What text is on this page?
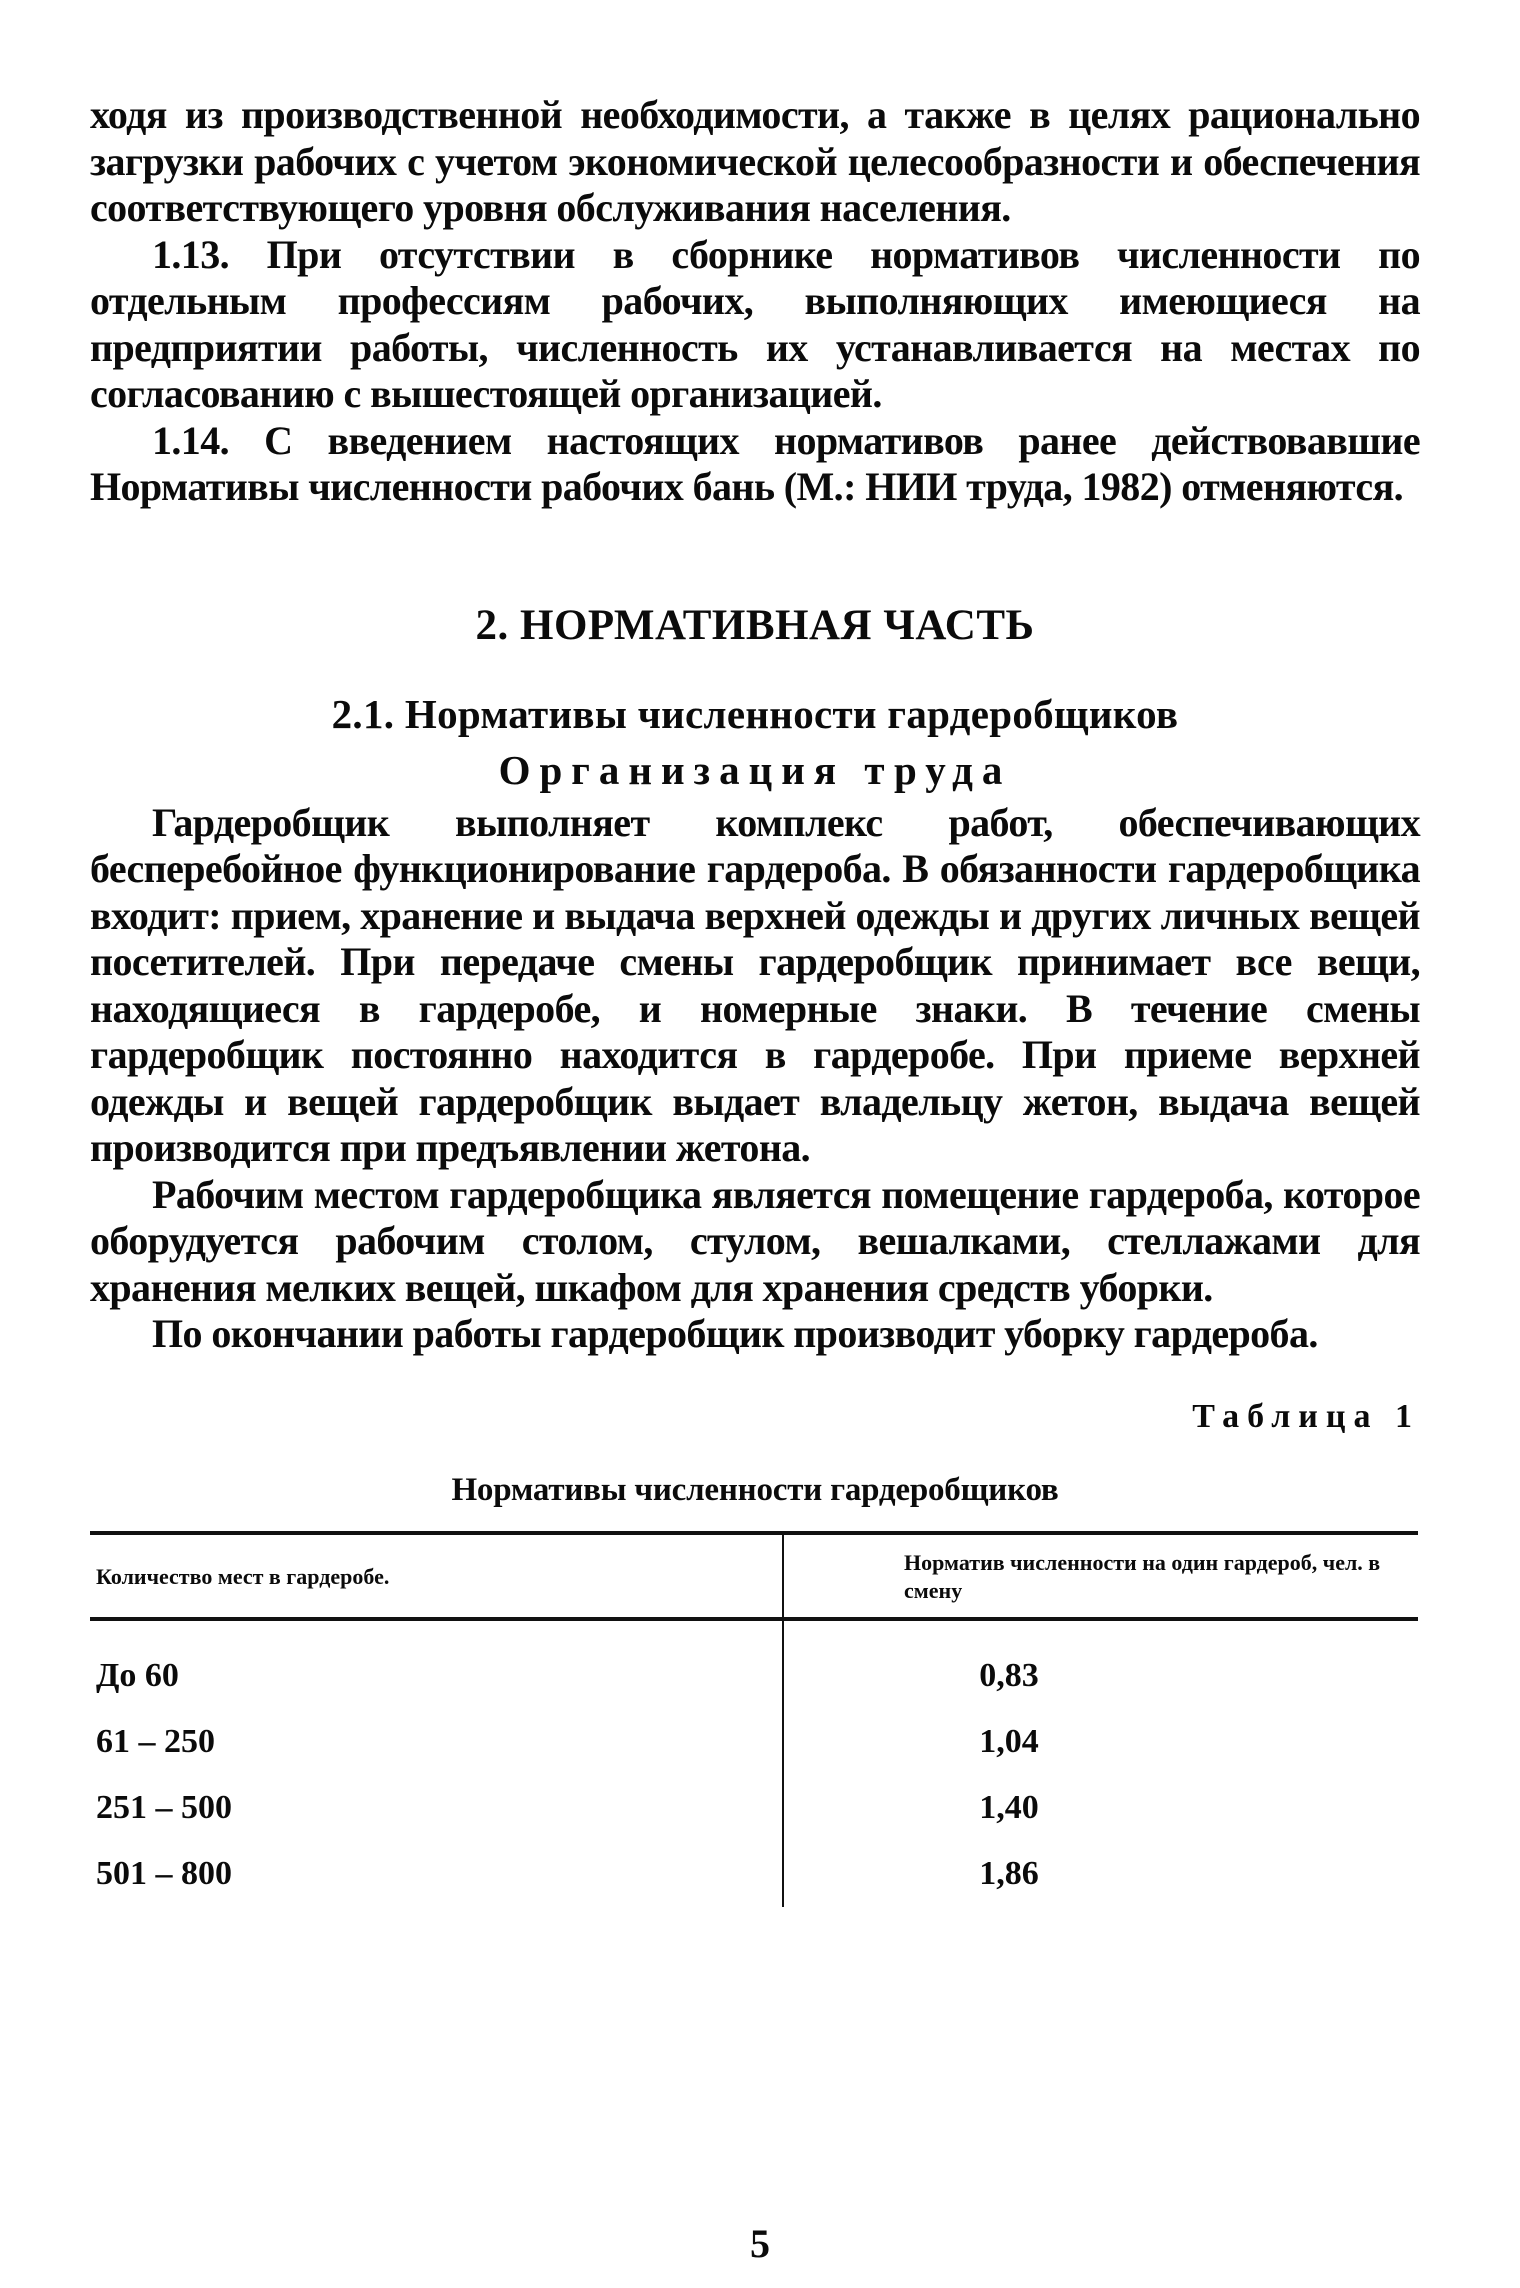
ходя из производственной необходимости, а также в целях рационально загрузки рабочих с учетом экономической целесообразности и обеспечения соответствующего уровня обслуживания населения.

1.13. При отсутствии в сборнике нормативов численности по отдельным профессиям рабочих, выполняющих имеющиеся на предприятии работы, численность их устанавливается на местах по согласованию с вышестоящей организацией.

1.14. С введением настоящих нормативов ранее действовавшие Нормативы численности рабочих бань (М.: НИИ труда, 1982) отменяются.

2. НОРМАТИВНАЯ ЧАСТЬ
2.1. Нормативы численности гардеробщиков
Организация труда

Гардеробщик выполняет комплекс работ, обеспечивающих бесперебойное функционирование гардероба. В обязанности гардеробщика входит: прием, хранение и выдача верхней одежды и других личных вещей посетителей. При передаче смены гардеробщик принимает все вещи, находящиеся в гардеробе, и номерные знаки. В течение смены гардеробщик постоянно находится в гардеробе. При приеме верхней одежды и вещей гардеробщик выдает владельцу жетон, выдача вещей производится при предъявлении жетона.

Рабочим местом гардеробщика является помещение гардероба, которое оборудуется рабочим столом, стулом, вешалками, стеллажами для хранения мелких вещей, шкафом для хранения средств уборки.

По окончании работы гардеробщик производит уборку гардероба.

Таблица 1
Нормативы численности гардеробщиков
Количество мест в гардеробе.	Норматив численности на один гардероб, чел. в смену
До 60	0,83
61 – 250	1,04
251 – 500	1,40
501 – 800	1,86
5
